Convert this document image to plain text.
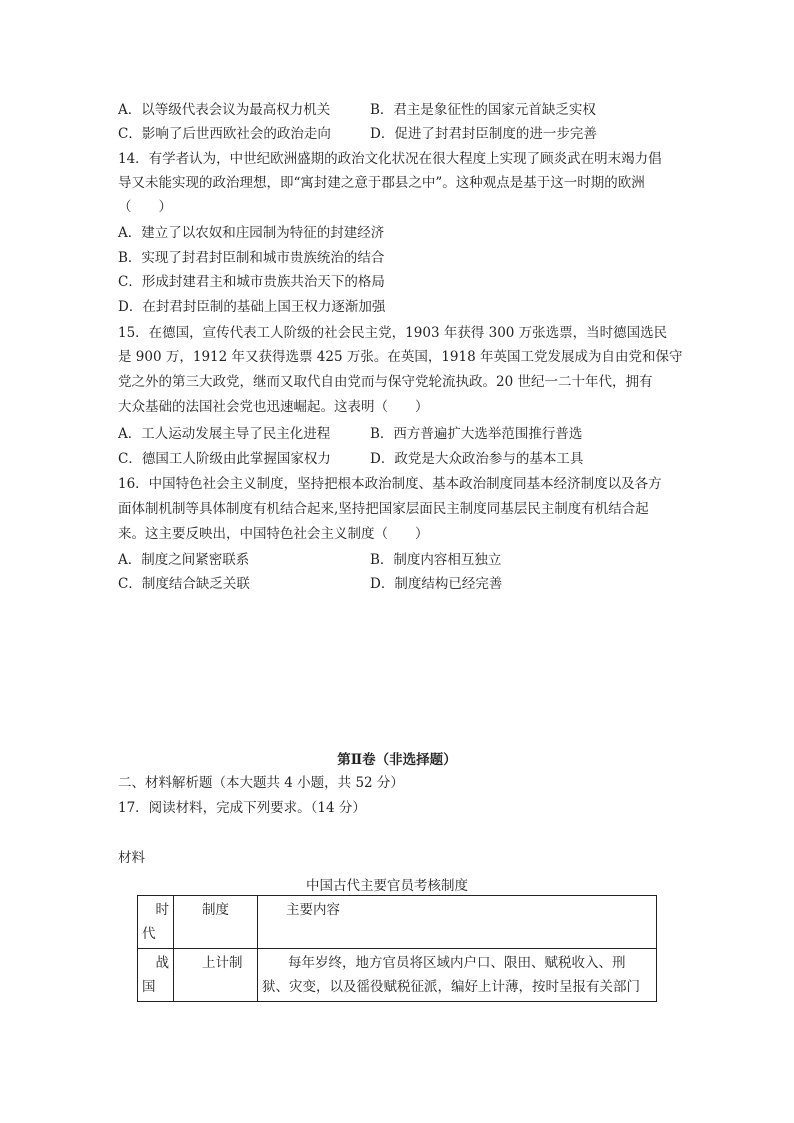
A．以等级代表会议为最高权力机关	B．君主是象征性的国家元首缺乏实权
C．影响了后世西欧社会的政治走向	D．促进了封君封臣制度的进一步完善
14．有学者认为，中世纪欧洲盛期的政治文化状况在很大程度上实现了顾炎武在明末竭力倡
导又未能实现的政治理想，即“寓封建之意于郡县之中”。这种观点是基于这一时期的欧洲
（　　）
A．建立了以农奴和庄园制为特征的封建经济
B．实现了封君封臣制和城市贵族统治的结合
C．形成封建君主和城市贵族共治天下的格局
D．在封君封臣制的基础上国王权力逐渐加强
15．在德国，宣传代表工人阶级的社会民主党，1903 年获得 300 万张选票，当时德国选民
是 900 万，1912 年又获得选票 425 万张。在英国，1918 年英国工党发展成为自由党和保守
党之外的第三大政党，继而又取代自由党而与保守党轮流执政。20 世纪一二十年代，拥有
大众基础的法国社会党也迅速崛起。这表明（　　）
A．工人运动发展主导了民主化进程	B．西方普遍扩大选举范围推行普选
C．德国工人阶级由此掌握国家权力	D．政党是大众政治参与的基本工具
16．中国特色社会主义制度，坚持把根本政治制度、基本政治制度同基本经济制度以及各方
面体制机制等具体制度有机结合起来,坚持把国家层面民主制度同基层民主制度有机结合起
来。这主要反映出，中国特色社会主义制度（　　）
A．制度之间紧密联系	B．制度内容相互独立
C．制度结合缺乏关联	D．制度结构已经完善
第Ⅱ卷（非选择题）
二、材料解析题（本大题共 4 小题，共 52 分）
17．阅读材料，完成下列要求。（14 分）
材料
中国古代主要官员考核制度
时
代	制度	主要内容

战
国	上计制	每年岁终，地方官员将区域内户口、限田、赋税收入、刑狱、灾变，以及徭役赋税征派，编好上计薄，按时呈报有关部门
